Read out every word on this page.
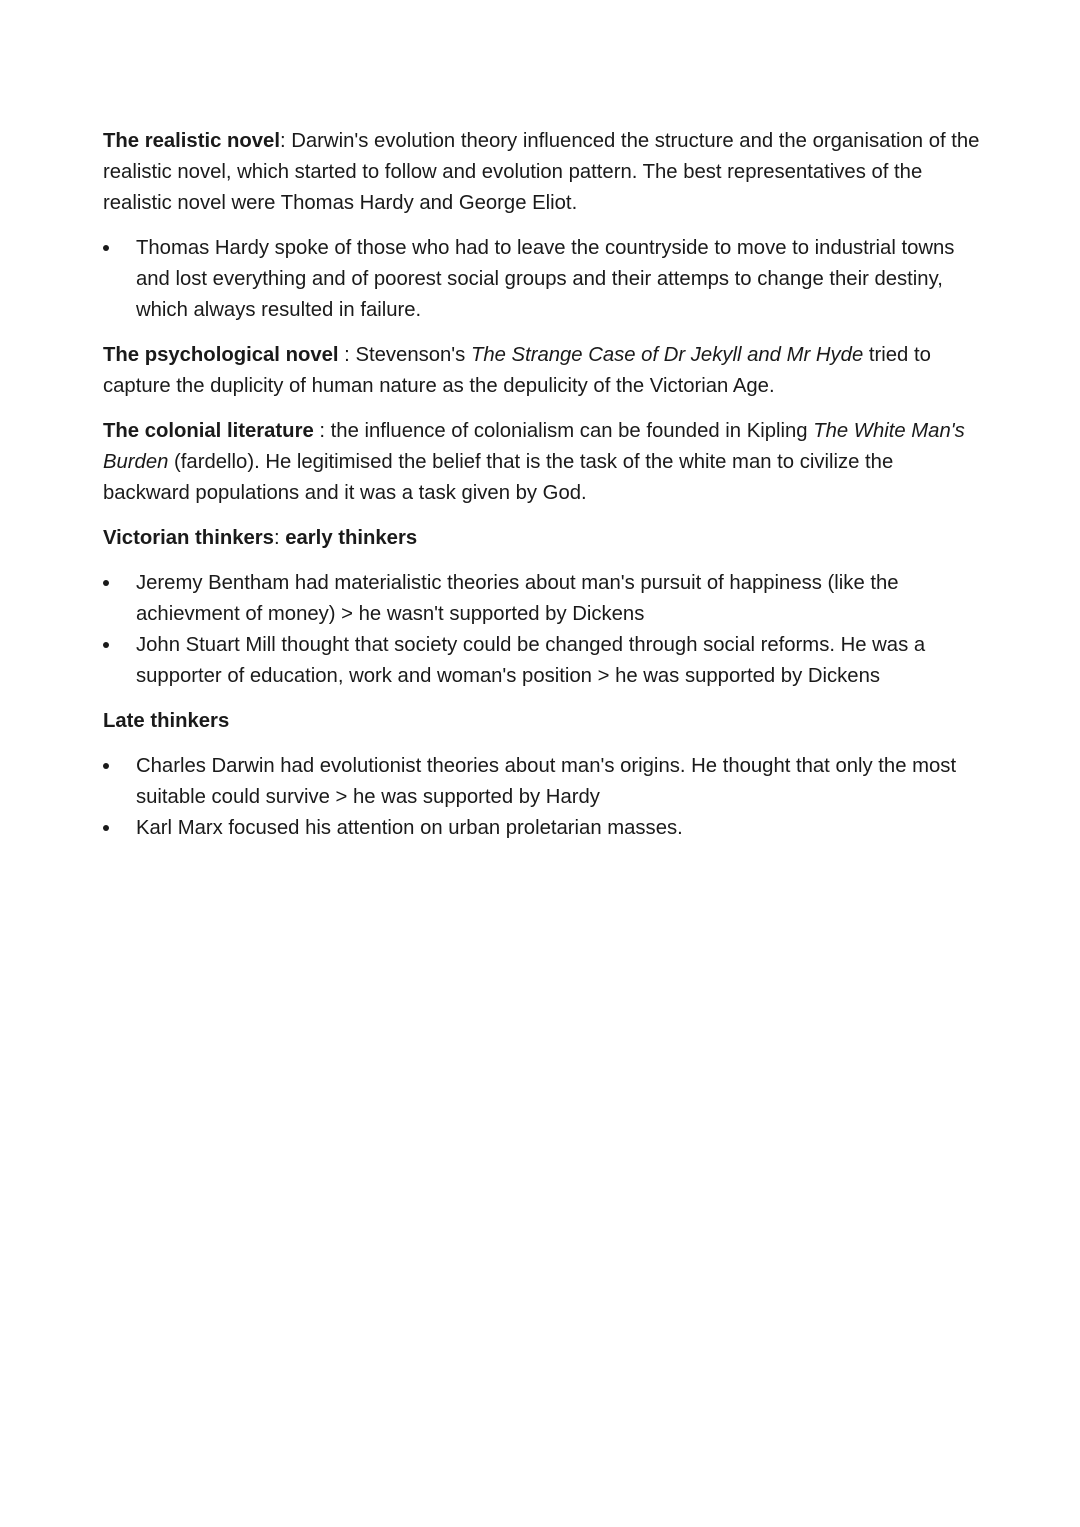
The realistic novel: Darwin's evolution theory influenced the structure and the organisation of the realistic novel, which started to follow and evolution pattern. The best representatives of the realistic novel were Thomas Hardy and George Eliot.

Thomas Hardy spoke of those who had to leave the countryside to move to industrial towns and lost everything and of poorest social groups and their attemps to change their destiny, which always resulted in failure.

The psychological novel : Stevenson's The Strange Case of Dr Jekyll and Mr Hyde tried to capture the duplicity of human nature as the depulicity of the Victorian Age.

The colonial literature : the influence of colonialism can be founded in Kipling The White Man's Burden (fardello). He legitimised the belief that is the task of the white man to civilize the backward populations and it was a task given by God.

Victorian thinkers: early thinkers

Jeremy Bentham had materialistic theories about man's pursuit of happiness (like the achievment of money) > he wasn't supported by Dickens
John Stuart Mill thought that society could be changed through social reforms. He was a supporter of education, work and woman's position > he was supported by Dickens

Late thinkers

Charles Darwin had evolutionist theories about man's origins. He thought that only the most suitable could survive > he was supported by Hardy
Karl Marx focused his attention on urban proletarian masses.
